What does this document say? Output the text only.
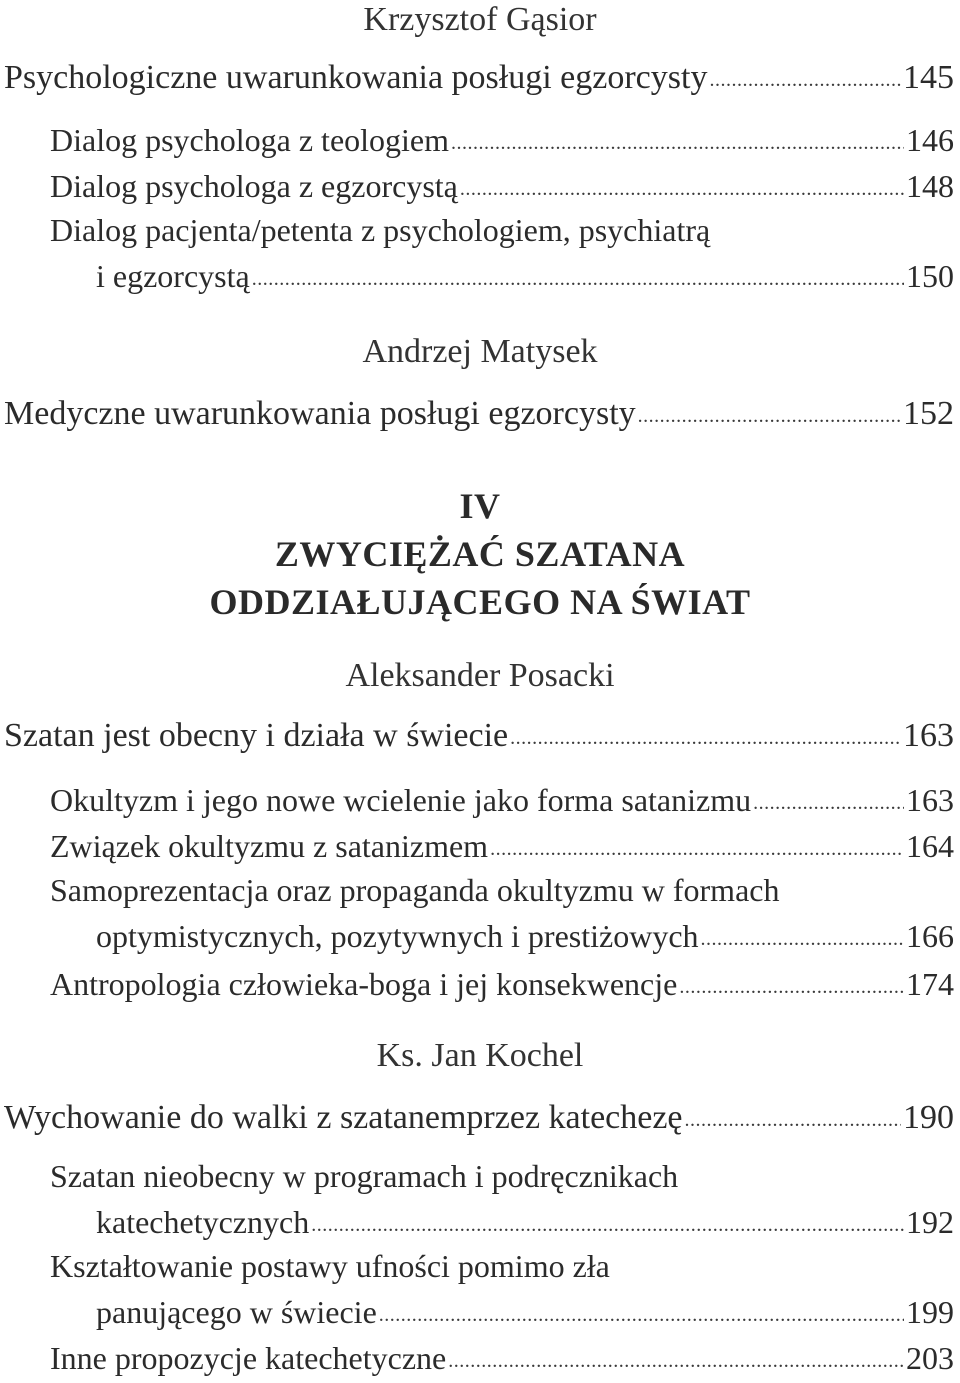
Krzysztof Gąsior
Psychologiczne uwarunkowania posługi egzorcysty .....	145
Dialog psychologa z teologiem .....	146
Dialog psychologa z egzorcystą .....	148
Dialog pacjenta/petenta z psychologiem, psychiatrą
i egzorcystą .....	150
Andrzej Matysek
Medyczne uwarunkowania posługi egzorcysty .....	152
IV
ZWYCIĘŻAĆ SZATANA
ODDZIAŁUJĄCEGO NA ŚWIAT
Aleksander Posacki
Szatan jest obecny i działa w świecie .....	163
Okultyzm i jego nowe wcielenie jako forma satanizmu .....	163
Związek okultyzmu z satanizmem .....	164
Samoprezentacja oraz propaganda okultyzmu w formach
optymistycznych, pozytywnych i prestiżowych .....	166
Antropologia człowieka-boga i jej konsekwencje .....	174
Ks. Jan Kochel
Wychowanie do walki z szatanemprzez katechezę .....	190
Szatan nieobecny w programach i podręcznikach
katechetycznych .....	192
Kształtowanie postawy ufności pomimo zła
panującego w świecie .....	199
Inne propozycje katechetyczne .....	203
